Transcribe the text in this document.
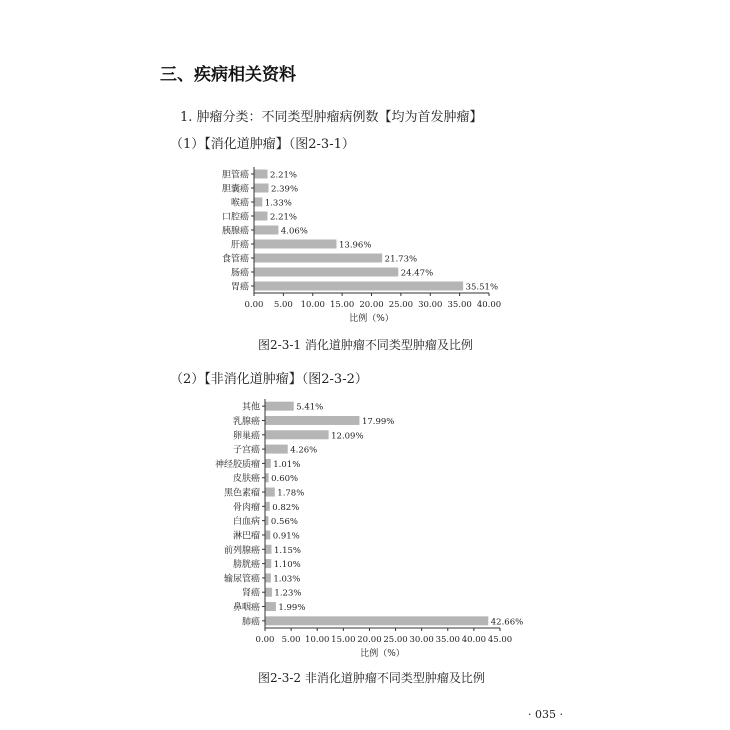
三、疾病相关资料
1. 肿瘤分类：不同类型肿瘤病例数【均为首发肿瘤】
（1）【消化道肿瘤】（图2-3-1）
胆管癌 2.21%
胆囊癌	2.39%
喉癌 1.33%
口腔癌 2.21%
胰腺癌	4.06%
肝癌	13.96%
食管癌	21.73%
肠癌	24.47%
胃癌	35.51%
0.00 5.00 10.00 15.00 20.00 25.00 30.00 35.00 40.00
比例（%）
图2-3-1 消化道肿瘤不同类型肿瘤及比例
（2）【非消化道肿瘤】（图2-3-2）
其他	5.41%
乳腺癌	17.99%
卵巢癌	12.09%
子宫癌	4.26%
神经胶质瘤 1.01%
皮肤癌 0.60%
黑色素瘤 1.78%
骨肉瘤 0.82%
白血病 0.56%
淋巴瘤 0.91%
前列腺癌 1.15%
膀胱癌 1.10%
输尿管癌 1.03%
肾癌 1.23%
鼻咽癌 1.99%
肺癌	42.66%
0.00 5.00 10.00 15.00 20.00 25.00 30.00 35.00 40.00 45.00
比例（%）
图2-3-2 非消化道肿瘤不同类型肿瘤及比例
· 035 ·
